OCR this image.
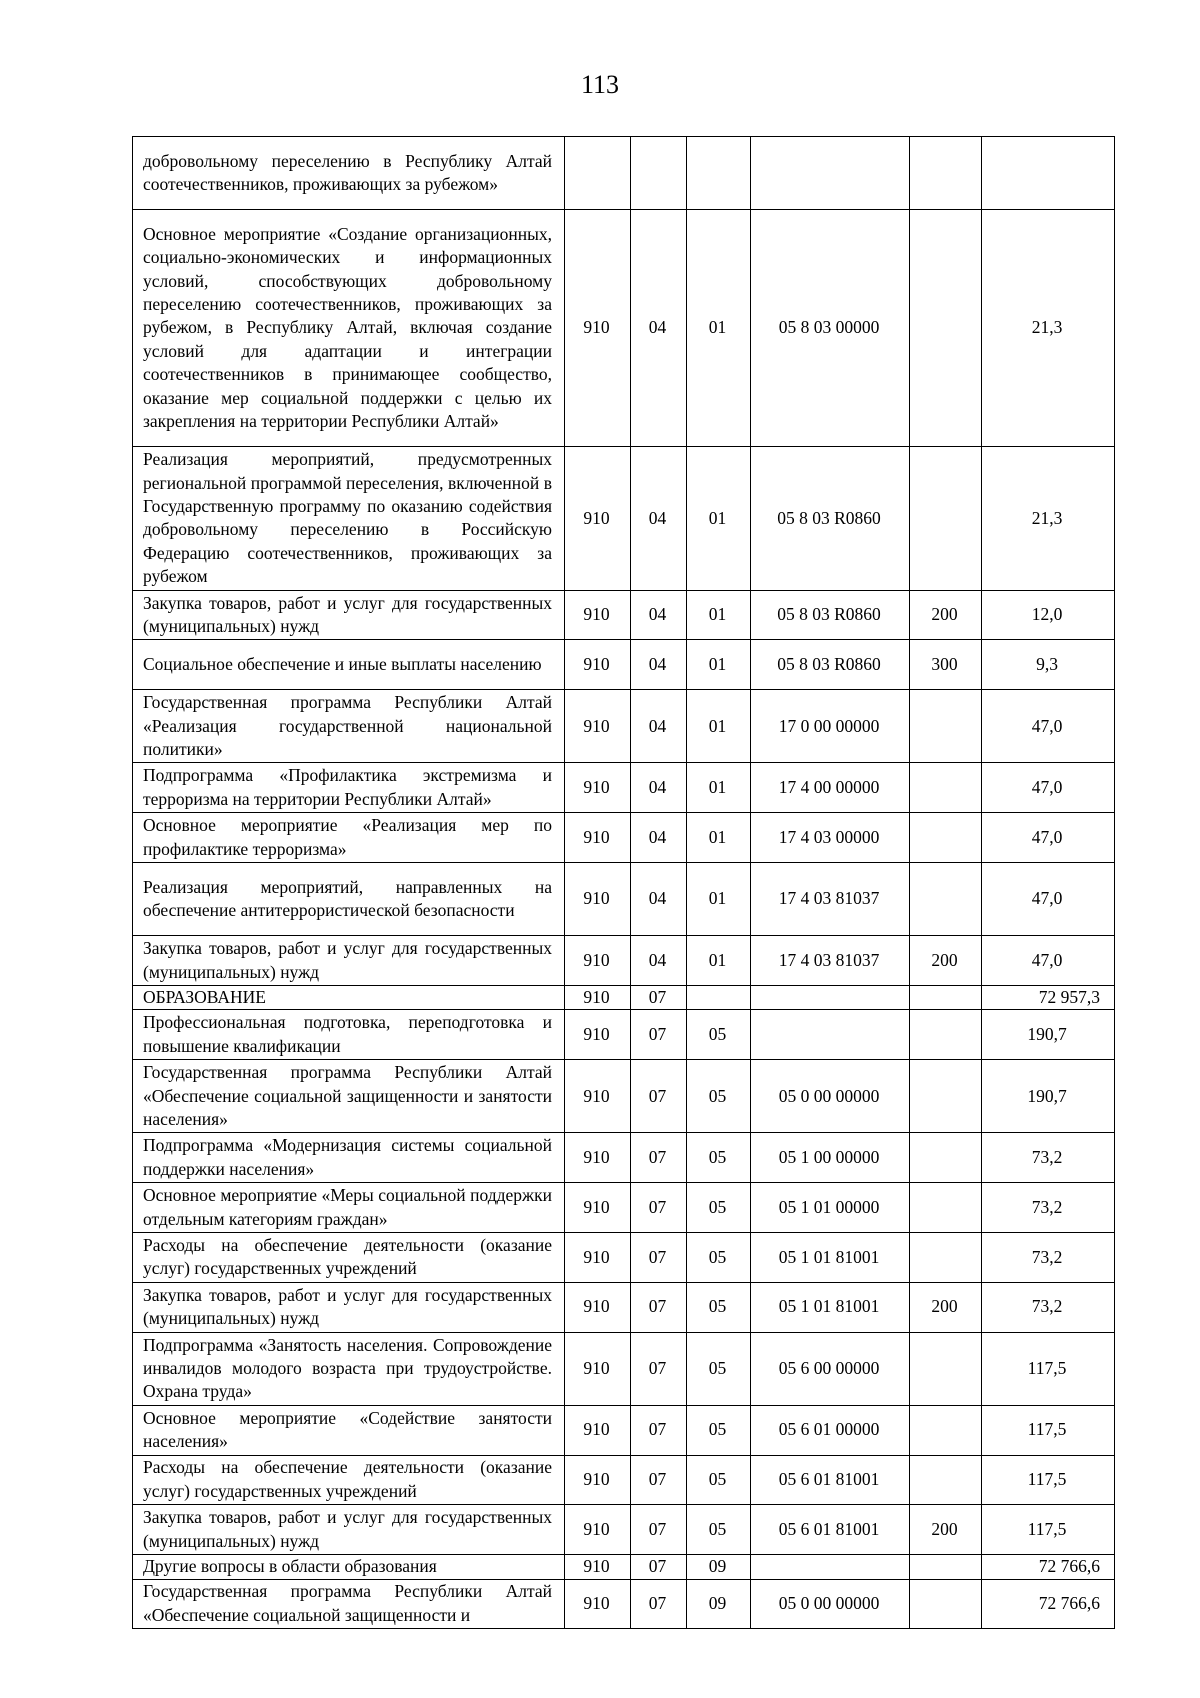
113
добровольному переселению в Республику Алтай соотечественников, проживающих за рубежом»						
Основное мероприятие «Создание организационных, социально-экономических и информационных условий, способствующих добровольному переселению соотечественников, проживающих за рубежом, в Республику Алтай, включая создание условий для адаптации и интеграции соотечественников в принимающее сообщество, оказание мер социальной поддержки с целью их закрепления на территории Республики Алтай»	910	04	01	05 8 03 00000		21,3
Реализация мероприятий, предусмотренных региональной программой переселения, включенной в Государственную программу по оказанию содействия добровольному переселению в Российскую Федерацию соотечественников, проживающих за рубежом	910	04	01	05 8 03 R0860		21,3
Закупка товаров, работ и услуг для государственных (муниципальных) нужд	910	04	01	05 8 03 R0860	200	12,0
Социальное обеспечение и иные выплаты населению	910	04	01	05 8 03 R0860	300	9,3
Государственная программа Республики Алтай «Реализация государственной национальной политики»	910	04	01	17 0 00 00000		47,0
Подпрограмма «Профилактика экстремизма и терроризма на территории Республики Алтай»	910	04	01	17 4 00 00000		47,0
Основное мероприятие «Реализация мер по профилактике терроризма»	910	04	01	17 4 03 00000		47,0
Реализация мероприятий, направленных на обеспечение антитеррористической безопасности	910	04	01	17 4 03 81037		47,0
Закупка товаров, работ и услуг для государственных (муниципальных) нужд	910	04	01	17 4 03 81037	200	47,0
ОБРАЗОВАНИЕ	910	07				72 957,3
Профессиональная подготовка, переподготовка и повышение квалификации	910	07	05			190,7
Государственная программа Республики Алтай «Обеспечение социальной защищенности и занятости населения»	910	07	05	05 0 00 00000		190,7
Подпрограмма «Модернизация системы социальной поддержки населения»	910	07	05	05 1 00 00000		73,2
Основное мероприятие «Меры социальной поддержки отдельным категориям граждан»	910	07	05	05 1 01 00000		73,2
Расходы на обеспечение деятельности (оказание услуг) государственных учреждений	910	07	05	05 1 01 81001		73,2
Закупка товаров, работ и услуг для государственных (муниципальных) нужд	910	07	05	05 1 01 81001	200	73,2
Подпрограмма «Занятость населения. Сопровождение инвалидов молодого возраста при трудоустройстве. Охрана труда»	910	07	05	05 6 00 00000		117,5
Основное мероприятие «Содействие занятости населения»	910	07	05	05 6 01 00000		117,5
Расходы на обеспечение деятельности (оказание услуг) государственных учреждений	910	07	05	05 6 01 81001		117,5
Закупка товаров, работ и услуг для государственных (муниципальных) нужд	910	07	05	05 6 01 81001	200	117,5
Другие вопросы в области образования	910	07	09			72 766,6
Государственная программа Республики Алтай «Обеспечение социальной защищенности и	910	07	09	05 0 00 00000		72 766,6
